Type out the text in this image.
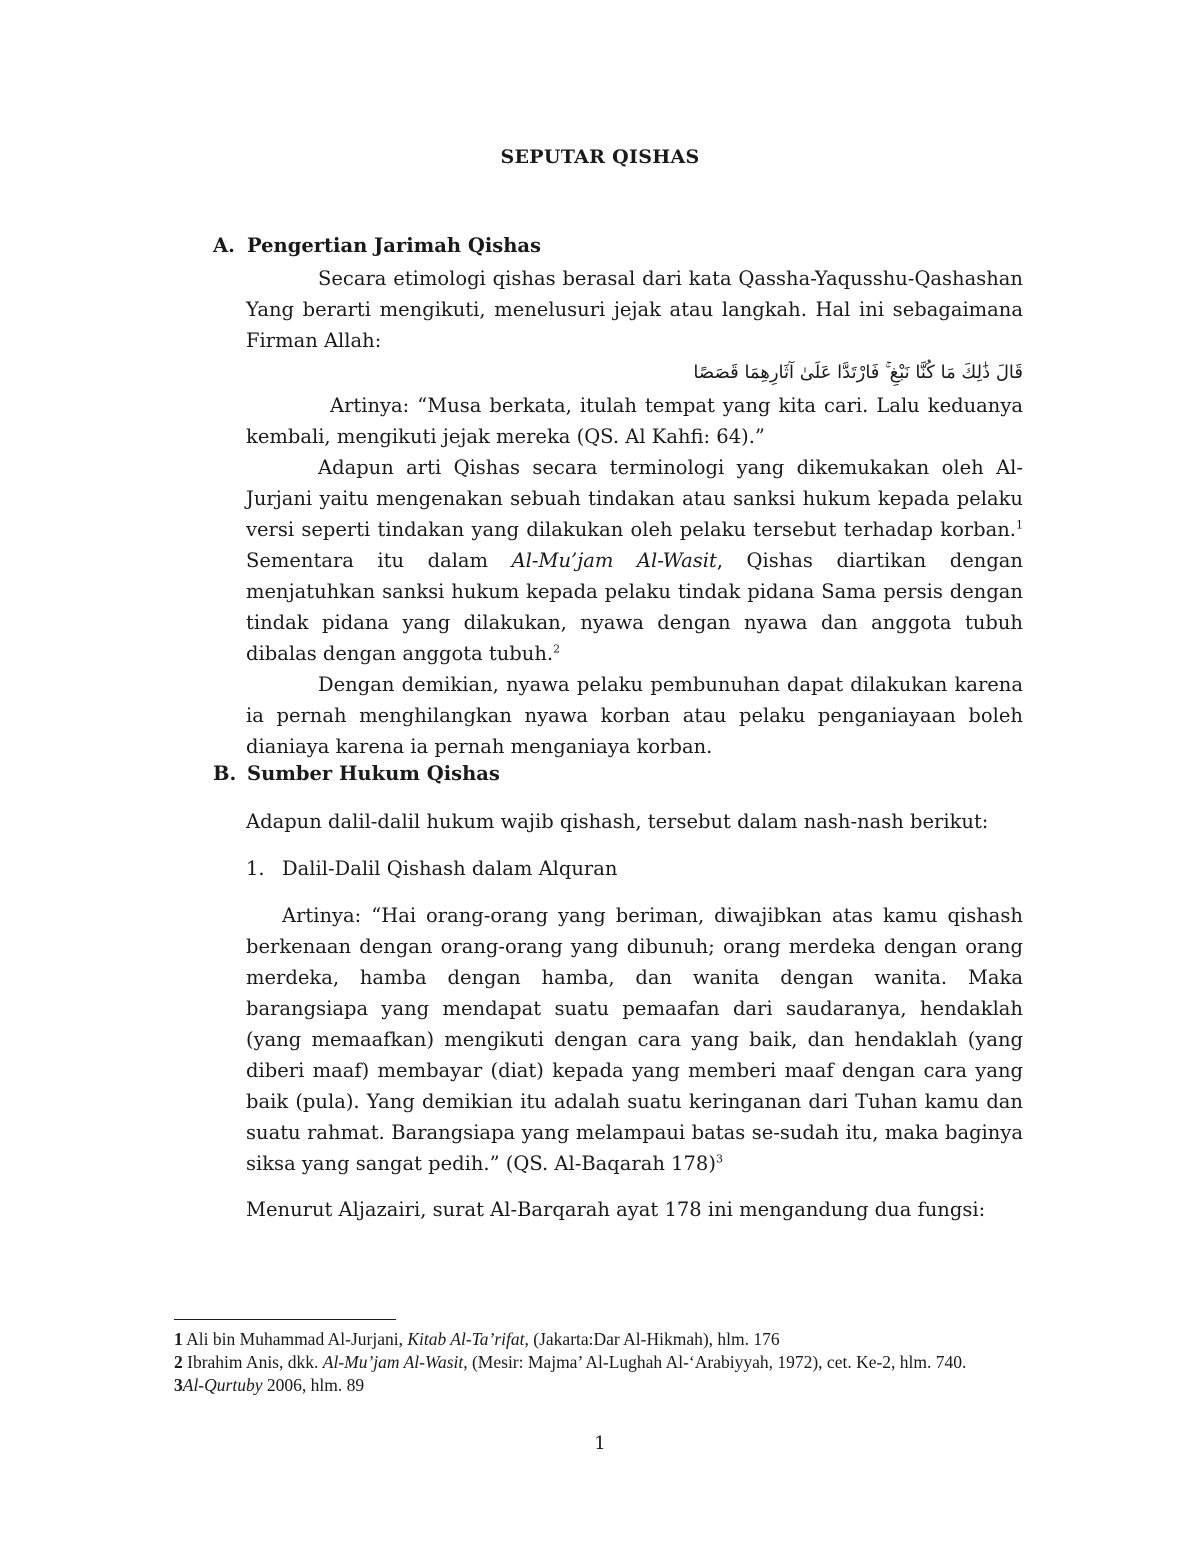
SEPUTAR QISHAS
A. Pengertian Jarimah Qishas

Secara etimologi qishas berasal dari kata Qassha-Yaqusshu-Qashashan Yang berarti mengikuti, menelusuri jejak atau langkah. Hal ini sebagaimana Firman Allah:

قَالَ ذَٰلِكَ مَا كُنَّا نَبْغِ ۚ فَارْتَدَّا عَلَىٰ آثَارِهِمَا قَصَصًا

Artinya: “Musa berkata, itulah tempat yang kita cari. Lalu keduanya kembali, mengikuti jejak mereka (QS. Al Kahfi: 64).”

Adapun arti Qishas secara terminologi yang dikemukakan oleh Al-Jurjani yaitu mengenakan sebuah tindakan atau sanksi hukum kepada pelaku versi seperti tindakan yang dilakukan oleh pelaku tersebut terhadap korban.$^1$ Sementara itu dalam Al-Mu’jam Al-Wasit, Qishas diartikan dengan menjatuhkan sanksi hukum kepada pelaku tindak pidana Sama persis dengan tindak pidana yang dilakukan, nyawa dengan nyawa dan anggota tubuh dibalas dengan anggota tubuh.$^2$

Dengan demikian, nyawa pelaku pembunuhan dapat dilakukan karena ia pernah menghilangkan nyawa korban atau pelaku penganiayaan boleh dianiaya karena ia pernah menganiaya korban.

B. Sumber Hukum Qishas
Adapun dalil-dalil hukum wajib qishash, tersebut dalam nash-nash berikut:
1. Dalil-Dalil Qishash dalam Alquran

Artinya: “Hai orang-orang yang beriman, diwajibkan atas kamu qishash berkenaan dengan orang-orang yang dibunuh; orang merdeka dengan orang merdeka, hamba dengan hamba, dan wanita dengan wanita. Maka barangsiapa yang mendapat suatu pemaafan dari saudaranya, hendaklah (yang memaafkan) mengikuti dengan cara yang baik, dan hendaklah (yang diberi maaf) membayar (diat) kepada yang memberi maaf dengan cara yang baik (pula). Yang demikian itu adalah suatu keringanan dari Tuhan kamu dan suatu rahmat. Barangsiapa yang melampaui batas se-sudah itu, maka baginya siksa yang sangat pedih.” (QS. Al-Baqarah 178)$^3$

Menurut Aljazairi, surat Al-Barqarah ayat 178 ini mengandung dua fungsi:

1 Ali bin Muhammad Al-Jurjani, Kitab Al-Ta’rifat, (Jakarta:Dar Al-Hikmah), hlm. 176

2 Ibrahim Anis, dkk. Al-Mu’jam Al-Wasit, (Mesir: Majma’ Al-Lughah Al-‘Arabiyyah, 1972), cet. Ke-2, hlm. 740.

3Al-Qurtuby 2006, hlm. 89

1
